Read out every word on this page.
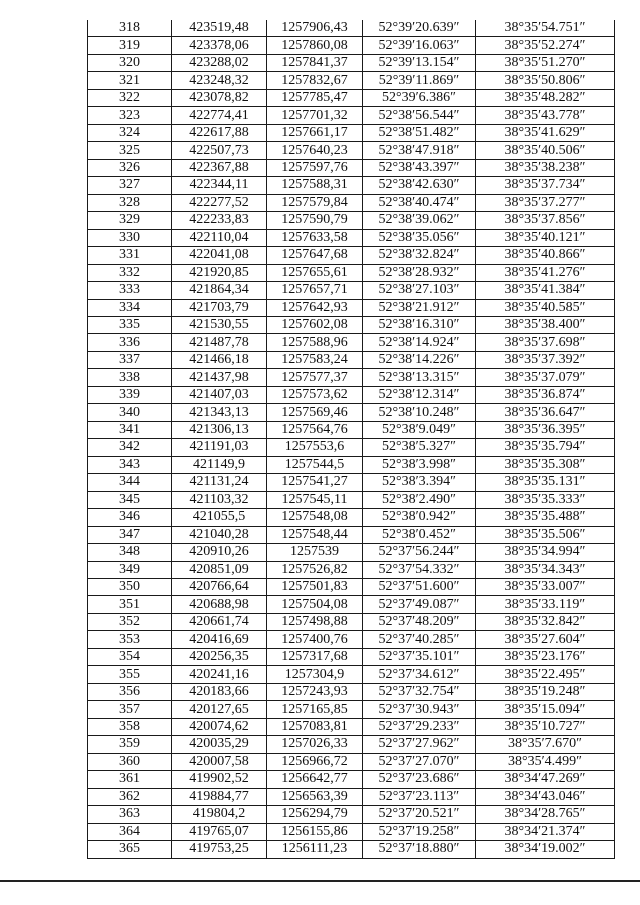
318	423519,48	1257906,43	52°39′20.639″	38°35′54.751″
319	423378,06	1257860,08	52°39′16.063″	38°35′52.274″
320	423288,02	1257841,37	52°39′13.154″	38°35′51.270″
321	423248,32	1257832,67	52°39′11.869″	38°35′50.806″
322	423078,82	1257785,47	52°39′6.386″	38°35′48.282″
323	422774,41	1257701,32	52°38′56.544″	38°35′43.778″
324	422617,88	1257661,17	52°38′51.482″	38°35′41.629″
325	422507,73	1257640,23	52°38′47.918″	38°35′40.506″
326	422367,88	1257597,76	52°38′43.397″	38°35′38.238″
327	422344,11	1257588,31	52°38′42.630″	38°35′37.734″
328	422277,52	1257579,84	52°38′40.474″	38°35′37.277″
329	422233,83	1257590,79	52°38′39.062″	38°35′37.856″
330	422110,04	1257633,58	52°38′35.056″	38°35′40.121″
331	422041,08	1257647,68	52°38′32.824″	38°35′40.866″
332	421920,85	1257655,61	52°38′28.932″	38°35′41.276″
333	421864,34	1257657,71	52°38′27.103″	38°35′41.384″
334	421703,79	1257642,93	52°38′21.912″	38°35′40.585″
335	421530,55	1257602,08	52°38′16.310″	38°35′38.400″
336	421487,78	1257588,96	52°38′14.924″	38°35′37.698″
337	421466,18	1257583,24	52°38′14.226″	38°35′37.392″
338	421437,98	1257577,37	52°38′13.315″	38°35′37.079″
339	421407,03	1257573,62	52°38′12.314″	38°35′36.874″
340	421343,13	1257569,46	52°38′10.248″	38°35′36.647″
341	421306,13	1257564,76	52°38′9.049″	38°35′36.395″
342	421191,03	1257553,6	52°38′5.327″	38°35′35.794″
343	421149,9	1257544,5	52°38′3.998″	38°35′35.308″
344	421131,24	1257541,27	52°38′3.394″	38°35′35.131″
345	421103,32	1257545,11	52°38′2.490″	38°35′35.333″
346	421055,5	1257548,08	52°38′0.942″	38°35′35.488″
347	421040,28	1257548,44	52°38′0.452″	38°35′35.506″
348	420910,26	1257539	52°37′56.244″	38°35′34.994″
349	420851,09	1257526,82	52°37′54.332″	38°35′34.343″
350	420766,64	1257501,83	52°37′51.600″	38°35′33.007″
351	420688,98	1257504,08	52°37′49.087″	38°35′33.119″
352	420661,74	1257498,88	52°37′48.209″	38°35′32.842″
353	420416,69	1257400,76	52°37′40.285″	38°35′27.604″
354	420256,35	1257317,68	52°37′35.101″	38°35′23.176″
355	420241,16	1257304,9	52°37′34.612″	38°35′22.495″
356	420183,66	1257243,93	52°37′32.754″	38°35′19.248″
357	420127,65	1257165,85	52°37′30.943″	38°35′15.094″
358	420074,62	1257083,81	52°37′29.233″	38°35′10.727″
359	420035,29	1257026,33	52°37′27.962″	38°35′7.670″
360	420007,58	1256966,72	52°37′27.070″	38°35′4.499″
361	419902,52	1256642,77	52°37′23.686″	38°34′47.269″
362	419884,77	1256563,39	52°37′23.113″	38°34′43.046″
363	419804,2	1256294,79	52°37′20.521″	38°34′28.765″
364	419765,07	1256155,86	52°37′19.258″	38°34′21.374″
365	419753,25	1256111,23	52°37′18.880″	38°34′19.002″
